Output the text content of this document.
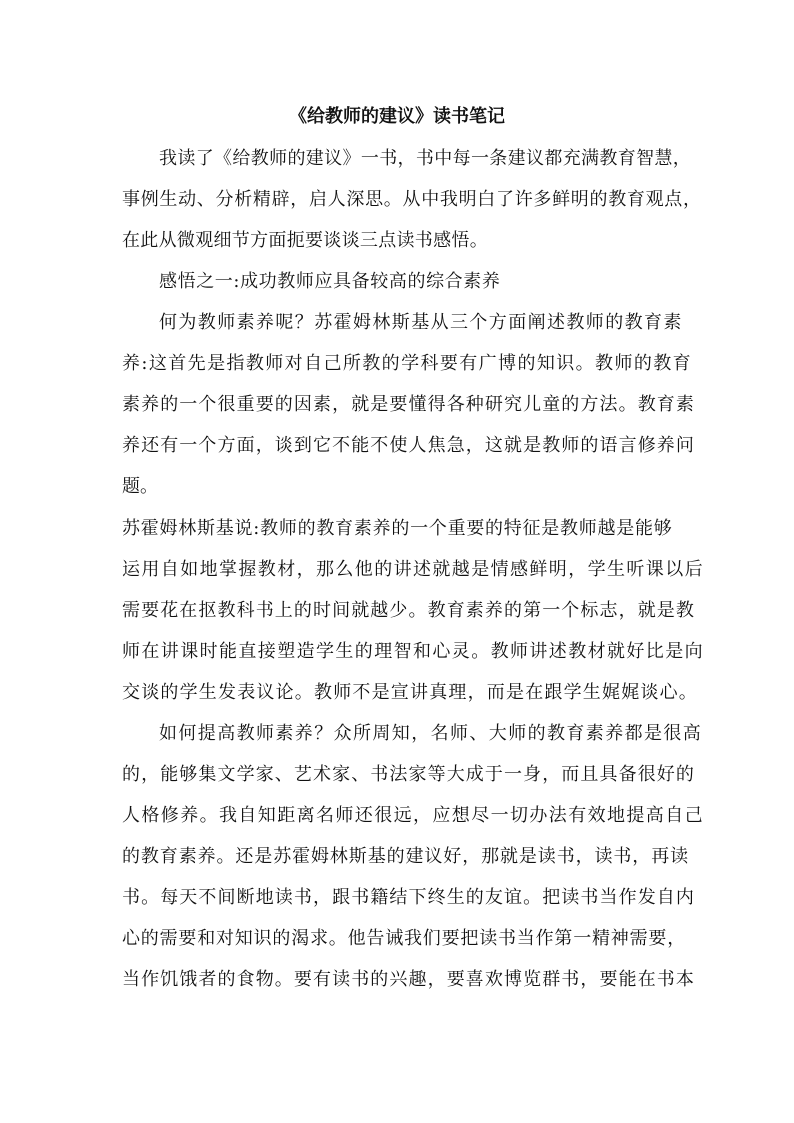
《给教师的建议》读书笔记
我读了《给教师的建议》一书，书中每一条建议都充满教育智慧，
事例生动、分析精辟，启人深思。从中我明白了许多鲜明的教育观点，
在此从微观细节方面扼要谈谈三点读书感悟。
感悟之一:成功教师应具备较高的综合素养
何为教师素养呢？苏霍姆林斯基从三个方面阐述教师的教育素
养:这首先是指教师对自己所教的学科要有广博的知识。教师的教育
素养的一个很重要的因素，就是要懂得各种研究儿童的方法。教育素
养还有一个方面，谈到它不能不使人焦急，这就是教师的语言修养问
题。
苏霍姆林斯基说:教师的教育素养的一个重要的特征是教师越是能够
运用自如地掌握教材，那么他的讲述就越是情感鲜明，学生听课以后
需要花在抠教科书上的时间就越少。教育素养的第一个标志，就是教
师在讲课时能直接塑造学生的理智和心灵。教师讲述教材就好比是向
交谈的学生发表议论。教师不是宣讲真理，而是在跟学生娓娓谈心。
如何提高教师素养？众所周知，名师、大师的教育素养都是很高
的，能够集文学家、艺术家、书法家等大成于一身，而且具备很好的
人格修养。我自知距离名师还很远，应想尽一切办法有效地提高自己
的教育素养。还是苏霍姆林斯基的建议好，那就是读书，读书，再读
书。每天不间断地读书，跟书籍结下终生的友谊。把读书当作发自内
心的需要和对知识的渴求。他告诫我们要把读书当作第一精神需要，
当作饥饿者的食物。要有读书的兴趣，要喜欢博览群书，要能在书本
